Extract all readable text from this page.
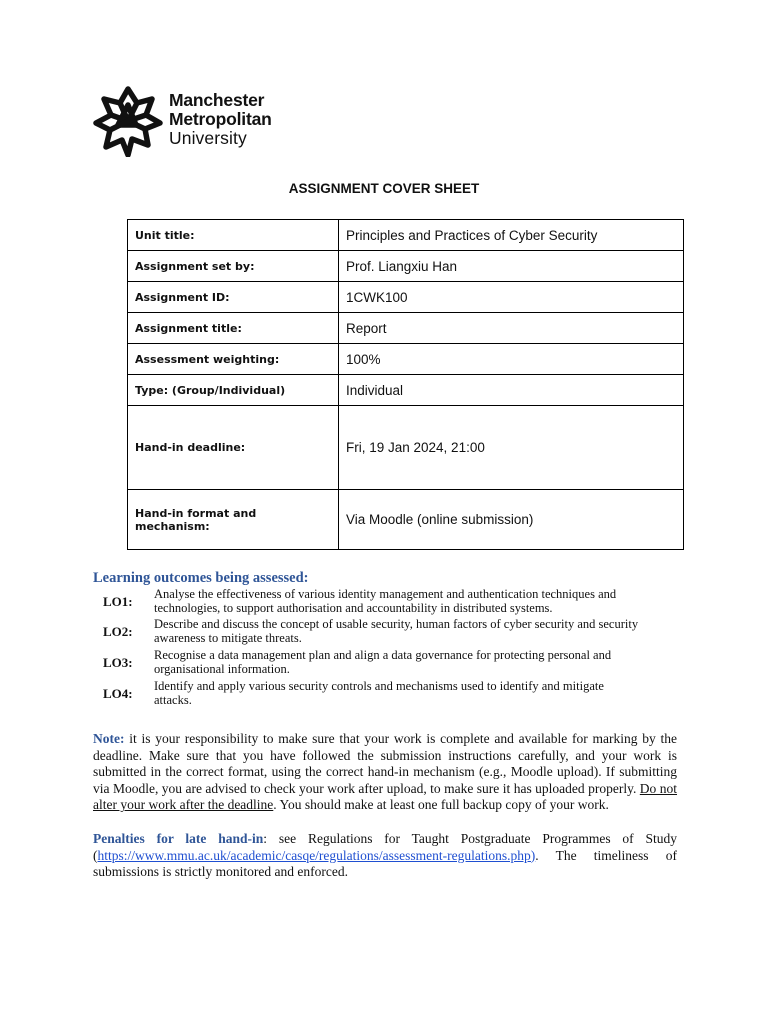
Manchester
Metropolitan
University
ASSIGNMENT COVER SHEET
Unit title:	Principles and Practices of Cyber Security
Assignment set by:	Prof. Liangxiu Han
Assignment ID:	1CWK100
Assignment title:	Report
Assessment weighting:	100%
Type: (Group/Individual)	Individual
Hand-in deadline:	Fri, 19 Jan 2024, 21:00
Hand-in format and mechanism:	Via Moodle (online submission)
Learning outcomes being assessed:
LO1: Analyse the effectiveness of various identity management and authentication techniques and
technologies, to support authorisation and accountability in distributed systems.
LO2: Describe and discuss the concept of usable security, human factors of cyber security and security
awareness to mitigate threats.
LO3: Recognise a data management plan and align a data governance for protecting personal and
organisational information.
LO4: Identify and apply various security controls and mechanisms used to identify and mitigate
attacks.
Note: it is your responsibility to make sure that your work is complete and available for marking by the deadline. Make sure that you have followed the submission instructions carefully, and your work is submitted in the correct format, using the correct hand-in mechanism (e.g., Moodle upload). If submitting via Moodle, you are advised to check your work after upload, to make sure it has uploaded properly. Do not alter your work after the deadline. You should make at least one full backup copy of your work.
Penalties for late hand-in: see Regulations for Taught Postgraduate Programmes of Study (https://www.mmu.ac.uk/academic/casqe/regulations/assessment-regulations.php). The timeliness of submissions is strictly monitored and enforced.
